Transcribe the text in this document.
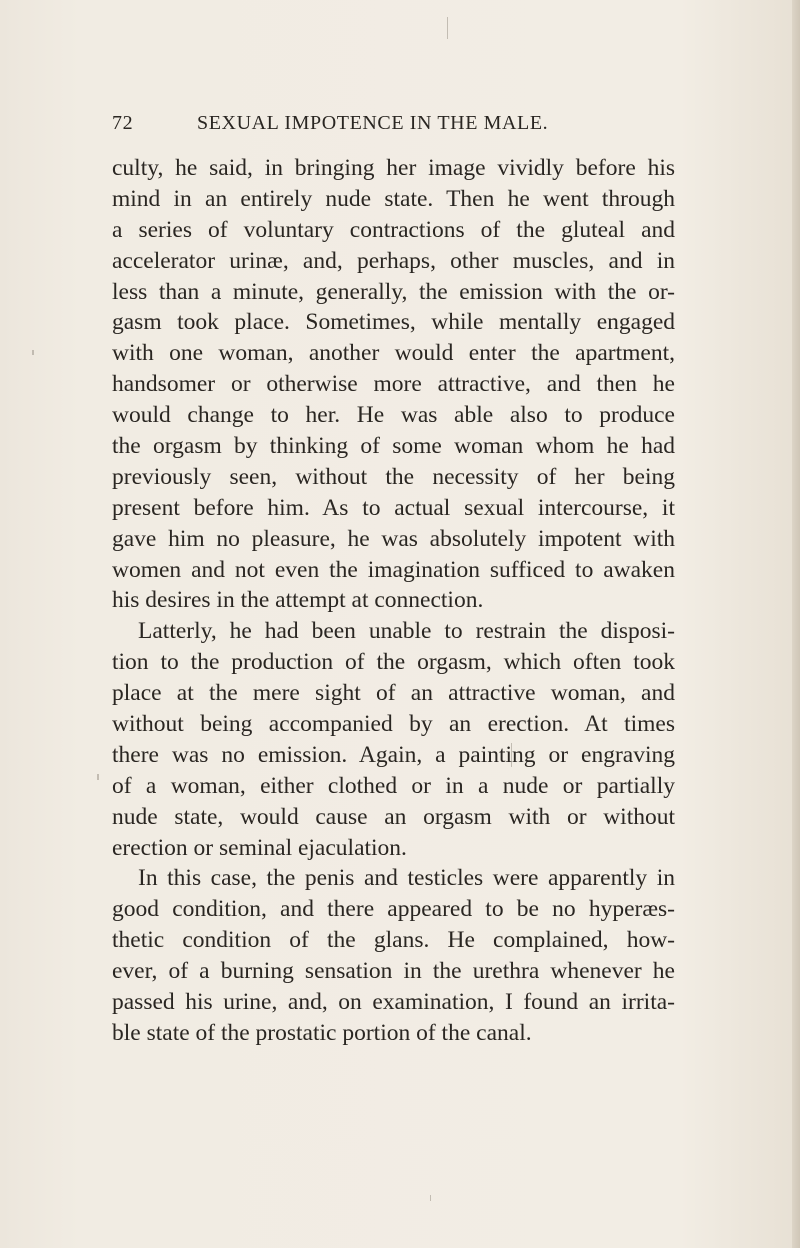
72	SEXUAL IMPOTENCE IN THE MALE.
culty, he said, in bringing her image vividly before his
mind in an entirely nude state. Then he went through
a series of voluntary contractions of the gluteal and
accelerator urinæ, and, perhaps, other muscles, and in
less than a minute, generally, the emission with the or-
gasm took place. Sometimes, while mentally engaged
with one woman, another would enter the apartment,
handsomer or otherwise more attractive, and then he
would change to her. He was able also to produce
the orgasm by thinking of some woman whom he had
previously seen, without the necessity of her being
present before him. As to actual sexual intercourse, it
gave him no pleasure, he was absolutely impotent with
women and not even the imagination sufficed to awaken
his desires in the attempt at connection.
Latterly, he had been unable to restrain the disposi-
tion to the production of the orgasm, which often took
place at the mere sight of an attractive woman, and
without being accompanied by an erection. At times
there was no emission. Again, a painting or engraving
of a woman, either clothed or in a nude or partially
nude state, would cause an orgasm with or without
erection or seminal ejaculation.
In this case, the penis and testicles were apparently in
good condition, and there appeared to be no hyperæs-
thetic condition of the glans. He complained, how-
ever, of a burning sensation in the urethra whenever he
passed his urine, and, on examination, I found an irrita-
ble state of the prostatic portion of the canal.
